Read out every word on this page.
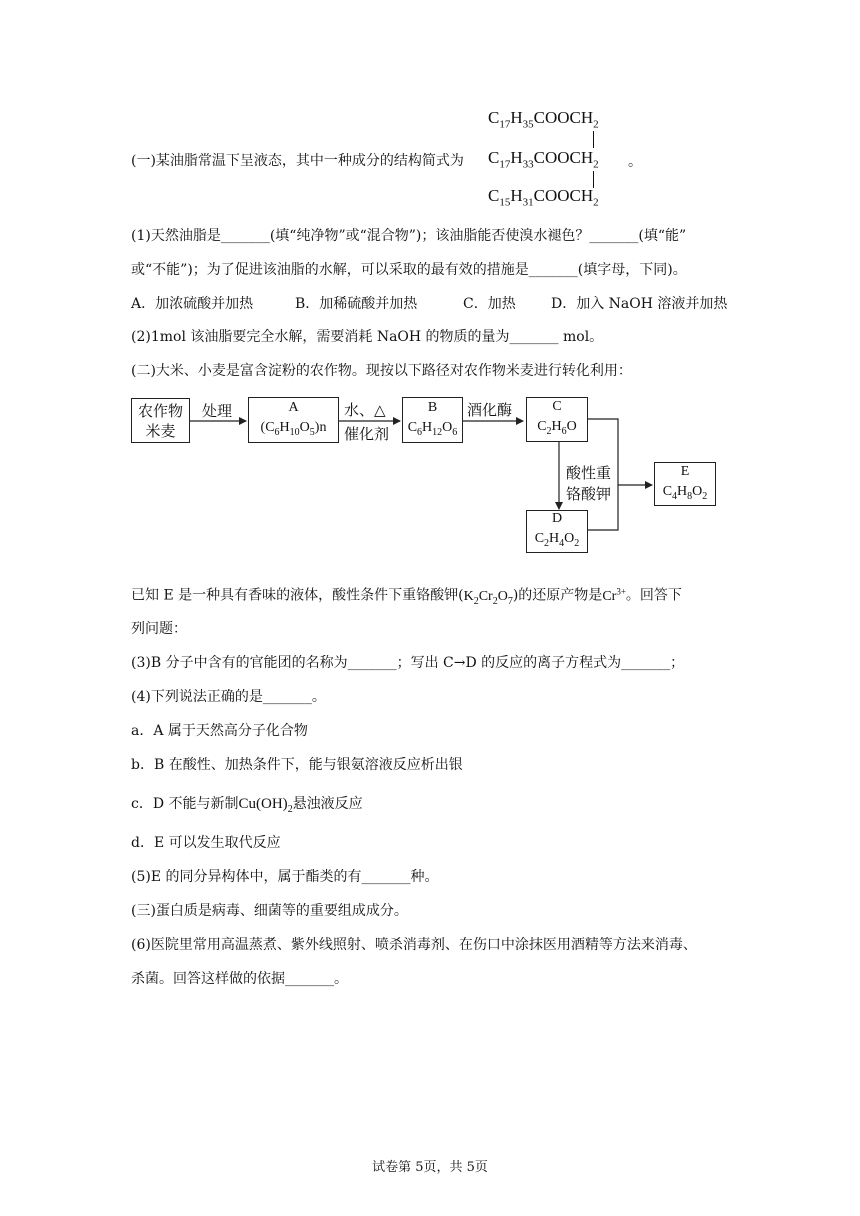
$C_{17}H_{35}COOCH_2$
$C_{17}H_{33}COOCH_2$
$C_{15}H_{31}COOCH_2$
(一)某油脂常温下呈液态，其中一种成分的结构简式为	。
(1)天然油脂是_______(填“纯净物”或“混合物”)；该油脂能否使溴水褪色？_______(填“能”
或“不能”)；为了促进该油脂的水解，可以采取的最有效的措施是_______(填字母，下同)。
A．加浓硫酸并加热	B．加稀硫酸并加热	C．加热	D．加入 NaOH 溶液并加热
(2)1mol 该油脂要完全水解，需要消耗 NaOH 的物质的量为_______ mol。
(二)大米、小麦是富含淀粉的农作物。现按以下路径对农作物米麦进行转化利用：
农作物
米麦
处理	A
$(C_6H_{10}O_5)n$
水、△
催化剂
B
$C_6H_{12}O_6$
酒化酶	C
$C_2H_6O$
酸性重
铬酸钾
D
$C_2H_4O_2$
E
$C_4H_8O_2$
已知 E 是一种具有香味的液体，酸性条件下重铬酸钾$(K_2Cr_2O_7)$的还原产物是$Cr^{3+}$。回答下
列问题：
(3)B 分子中含有的官能团的名称为_______；写出 C→D 的反应的离子方程式为_______；
(4)下列说法正确的是_______。
a．A 属于天然高分子化合物
b．B 在酸性、加热条件下，能与银氨溶液反应析出银
c．D 不能与新制$Cu(OH)_2$悬浊液反应
d．E 可以发生取代反应
(5)E 的同分异构体中，属于酯类的有_______种。
(三)蛋白质是病毒、细菌等的重要组成成分。
(6)医院里常用高温蒸煮、紫外线照射、喷杀消毒剂、在伤口中涂抹医用酒精等方法来消毒、
杀菌。回答这样做的依据_______。
试卷第 5页，共 5页
